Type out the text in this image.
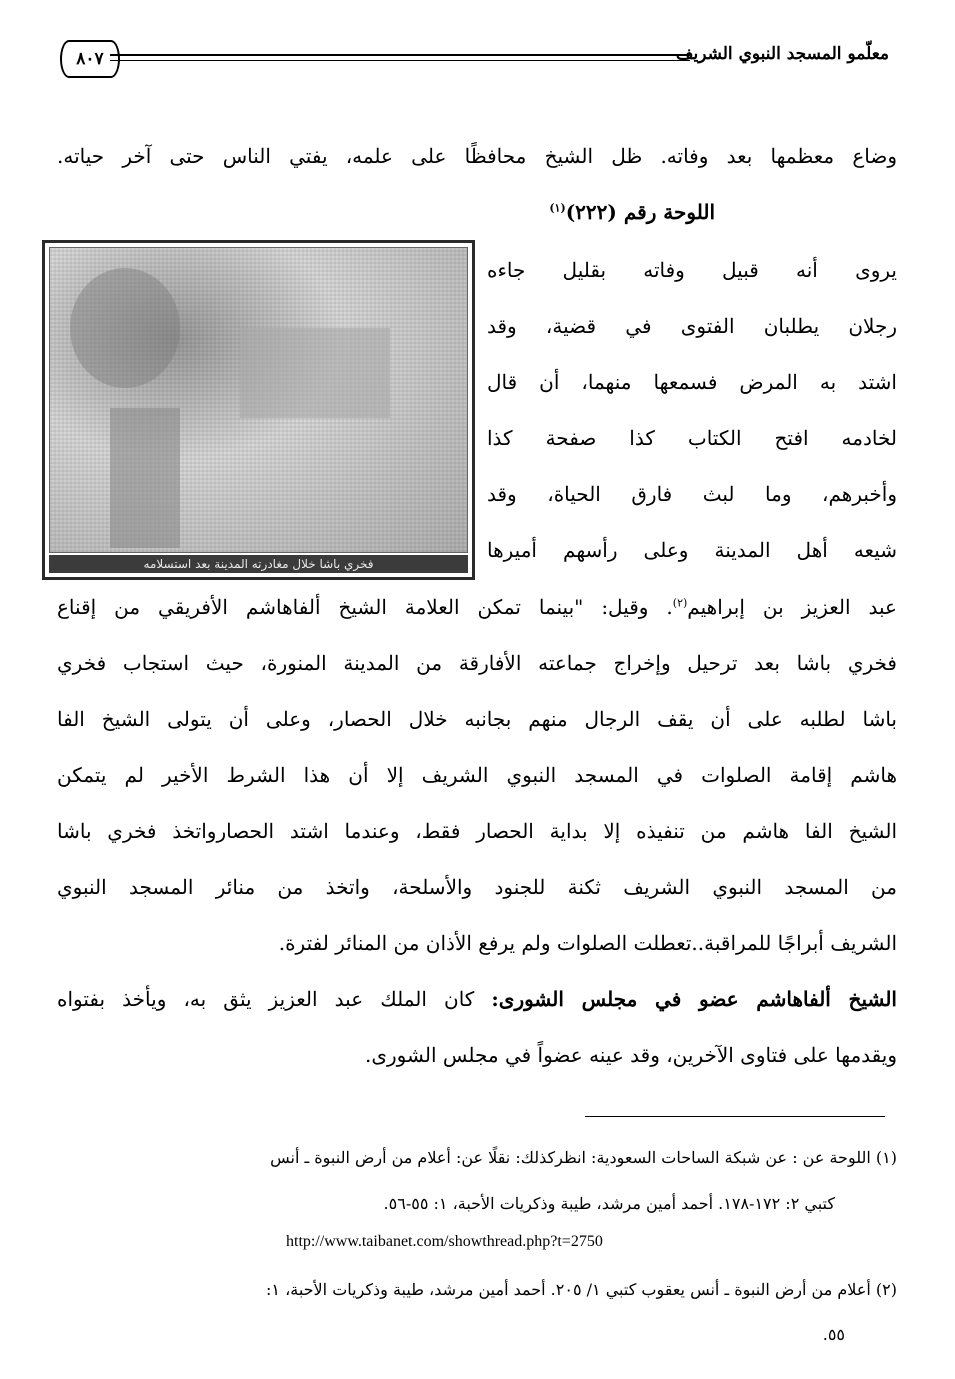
معلّمو المسجد النبوي الشريف
٨٠٧
وضاع معظمها بعد وفاته. ظل الشيخ محافظًا على علمه، يفتي الناس حتى آخر حياته.
اللوحة رقم (٢٢٢)$^{(١)}$
فخري باشا خلال مغادرته المدينة بعد استسلامه
يروى أنه قبيل وفاته بقليل جاءه
رجلان يطلبان الفتوى في قضية، وقد
اشتد به المرض فسمعها منهما، أن قال
لخادمه افتح الكتاب كذا صفحة كذا
وأخبرهم، وما لبث فارق الحياة، وقد
شيعه أهل المدينة وعلى رأسهم أميرها
عبد العزيز بن إبراهيم$^{(٢)}$. وقيل: "بينما تمكن العلامة الشيخ ألفاهاشم الأفريقي من إقناع
فخري باشا بعد ترحيل وإخراج جماعته الأفارقة من المدينة المنورة، حيث استجاب فخري
باشا لطلبه على أن يقف الرجال منهم بجانبه خلال الحصار، وعلى أن يتولى الشيخ الفا
هاشم إقامة الصلوات في المسجد النبوي الشريف إلا أن هذا الشرط الأخير لم يتمكن
الشيخ الفا هاشم من تنفيذه إلا بداية الحصار فقط، وعندما اشتد الحصارواتخذ فخري باشا
من المسجد النبوي الشريف ثكنة للجنود والأسلحة، واتخذ من منائر المسجد النبوي
الشريف أبراجًا للمراقبة..تعطلت الصلوات ولم يرفع الأذان من المنائر لفترة.
الشيخ ألفاهاشم عضو في مجلس الشورى: كان الملك عبد العزيز يثق به، ويأخذ بفتواه
ويقدمها على فتاوى الآخرين، وقد عينه عضواً في مجلس الشورى.
(١) اللوحة عن : عن شبكة الساحات السعودية: انظركذلك: نقلًا عن: أعلام من أرض النبوة ـ أنس
كتبي ٢: ١٧٢-١٧٨. أحمد أمين مرشد، طيبة وذكريات الأحبة، ١: ٥٥-٥٦.
http://www.taibanet.com/showthread.php?t=2750
(٢) أعلام من أرض النبوة ـ أنس يعقوب كتبي ١/ ٢٠٥. أحمد أمين مرشد، طيبة وذكريات الأحبة، ١:
٥٥.
